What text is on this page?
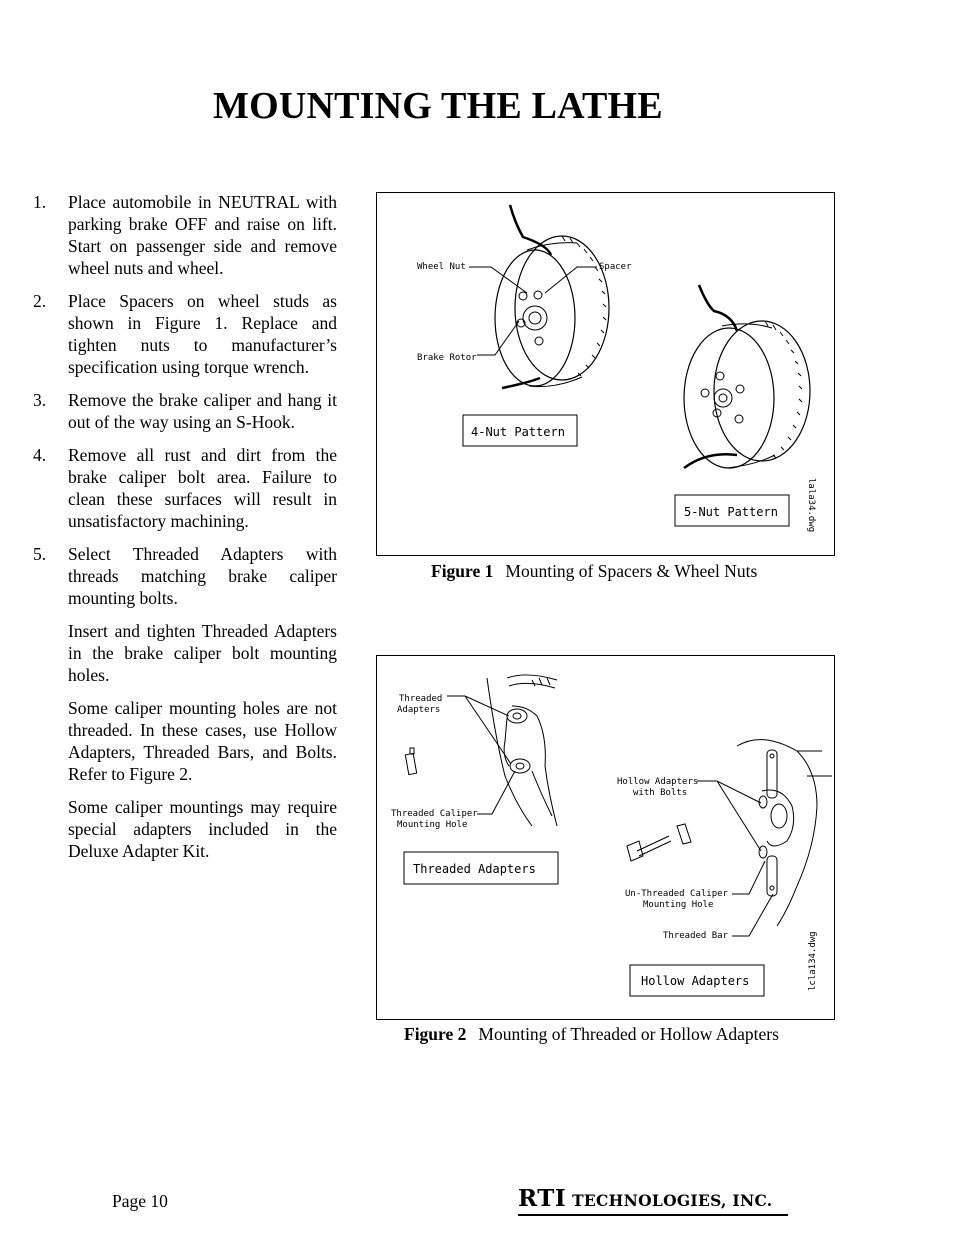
MOUNTING THE LATHE
1.	Place automobile in NEUTRAL with parking brake OFF and raise on lift. Start on passenger side and remove wheel nuts and wheel.
2.	Place Spacers on wheel studs as shown in Figure 1. Replace and tighten nuts to manufacturer’s specification using torque wrench.
3.	Remove the brake caliper and hang it out of the way using an S-Hook.
4.	Remove all rust and dirt from the brake caliper bolt area. Failure to clean these surfaces will result in unsatisfactory machining.
5.	Select Threaded Adapters with threads matching brake caliper mounting bolts.
Insert and tighten Threaded Adapters in the brake caliper bolt mounting holes.
Some caliper mounting holes are not threaded. In these cases, use Hollow Adapters, Threaded Bars, and Bolts. Refer to Figure 2.
Some caliper mountings may require special adapters included in the Deluxe Adapter Kit.
Wheel Nut	Spacer
Brake Rotor
4-Nut Pattern
5-Nut Pattern	lala34.dwg
Figure 1 Mounting of Spacers & Wheel Nuts
Threaded
Adapters
Threaded Caliper
Mounting Hole
Hollow Adapters
with Bolts
Un-Threaded Caliper
Mounting Hole
Threaded Bar
Threaded Adapters
Hollow Adapters	lcla134.dwg
Figure 2 Mounting of Threaded or Hollow Adapters
Page 10	RTI TECHNOLOGIES, INC.
